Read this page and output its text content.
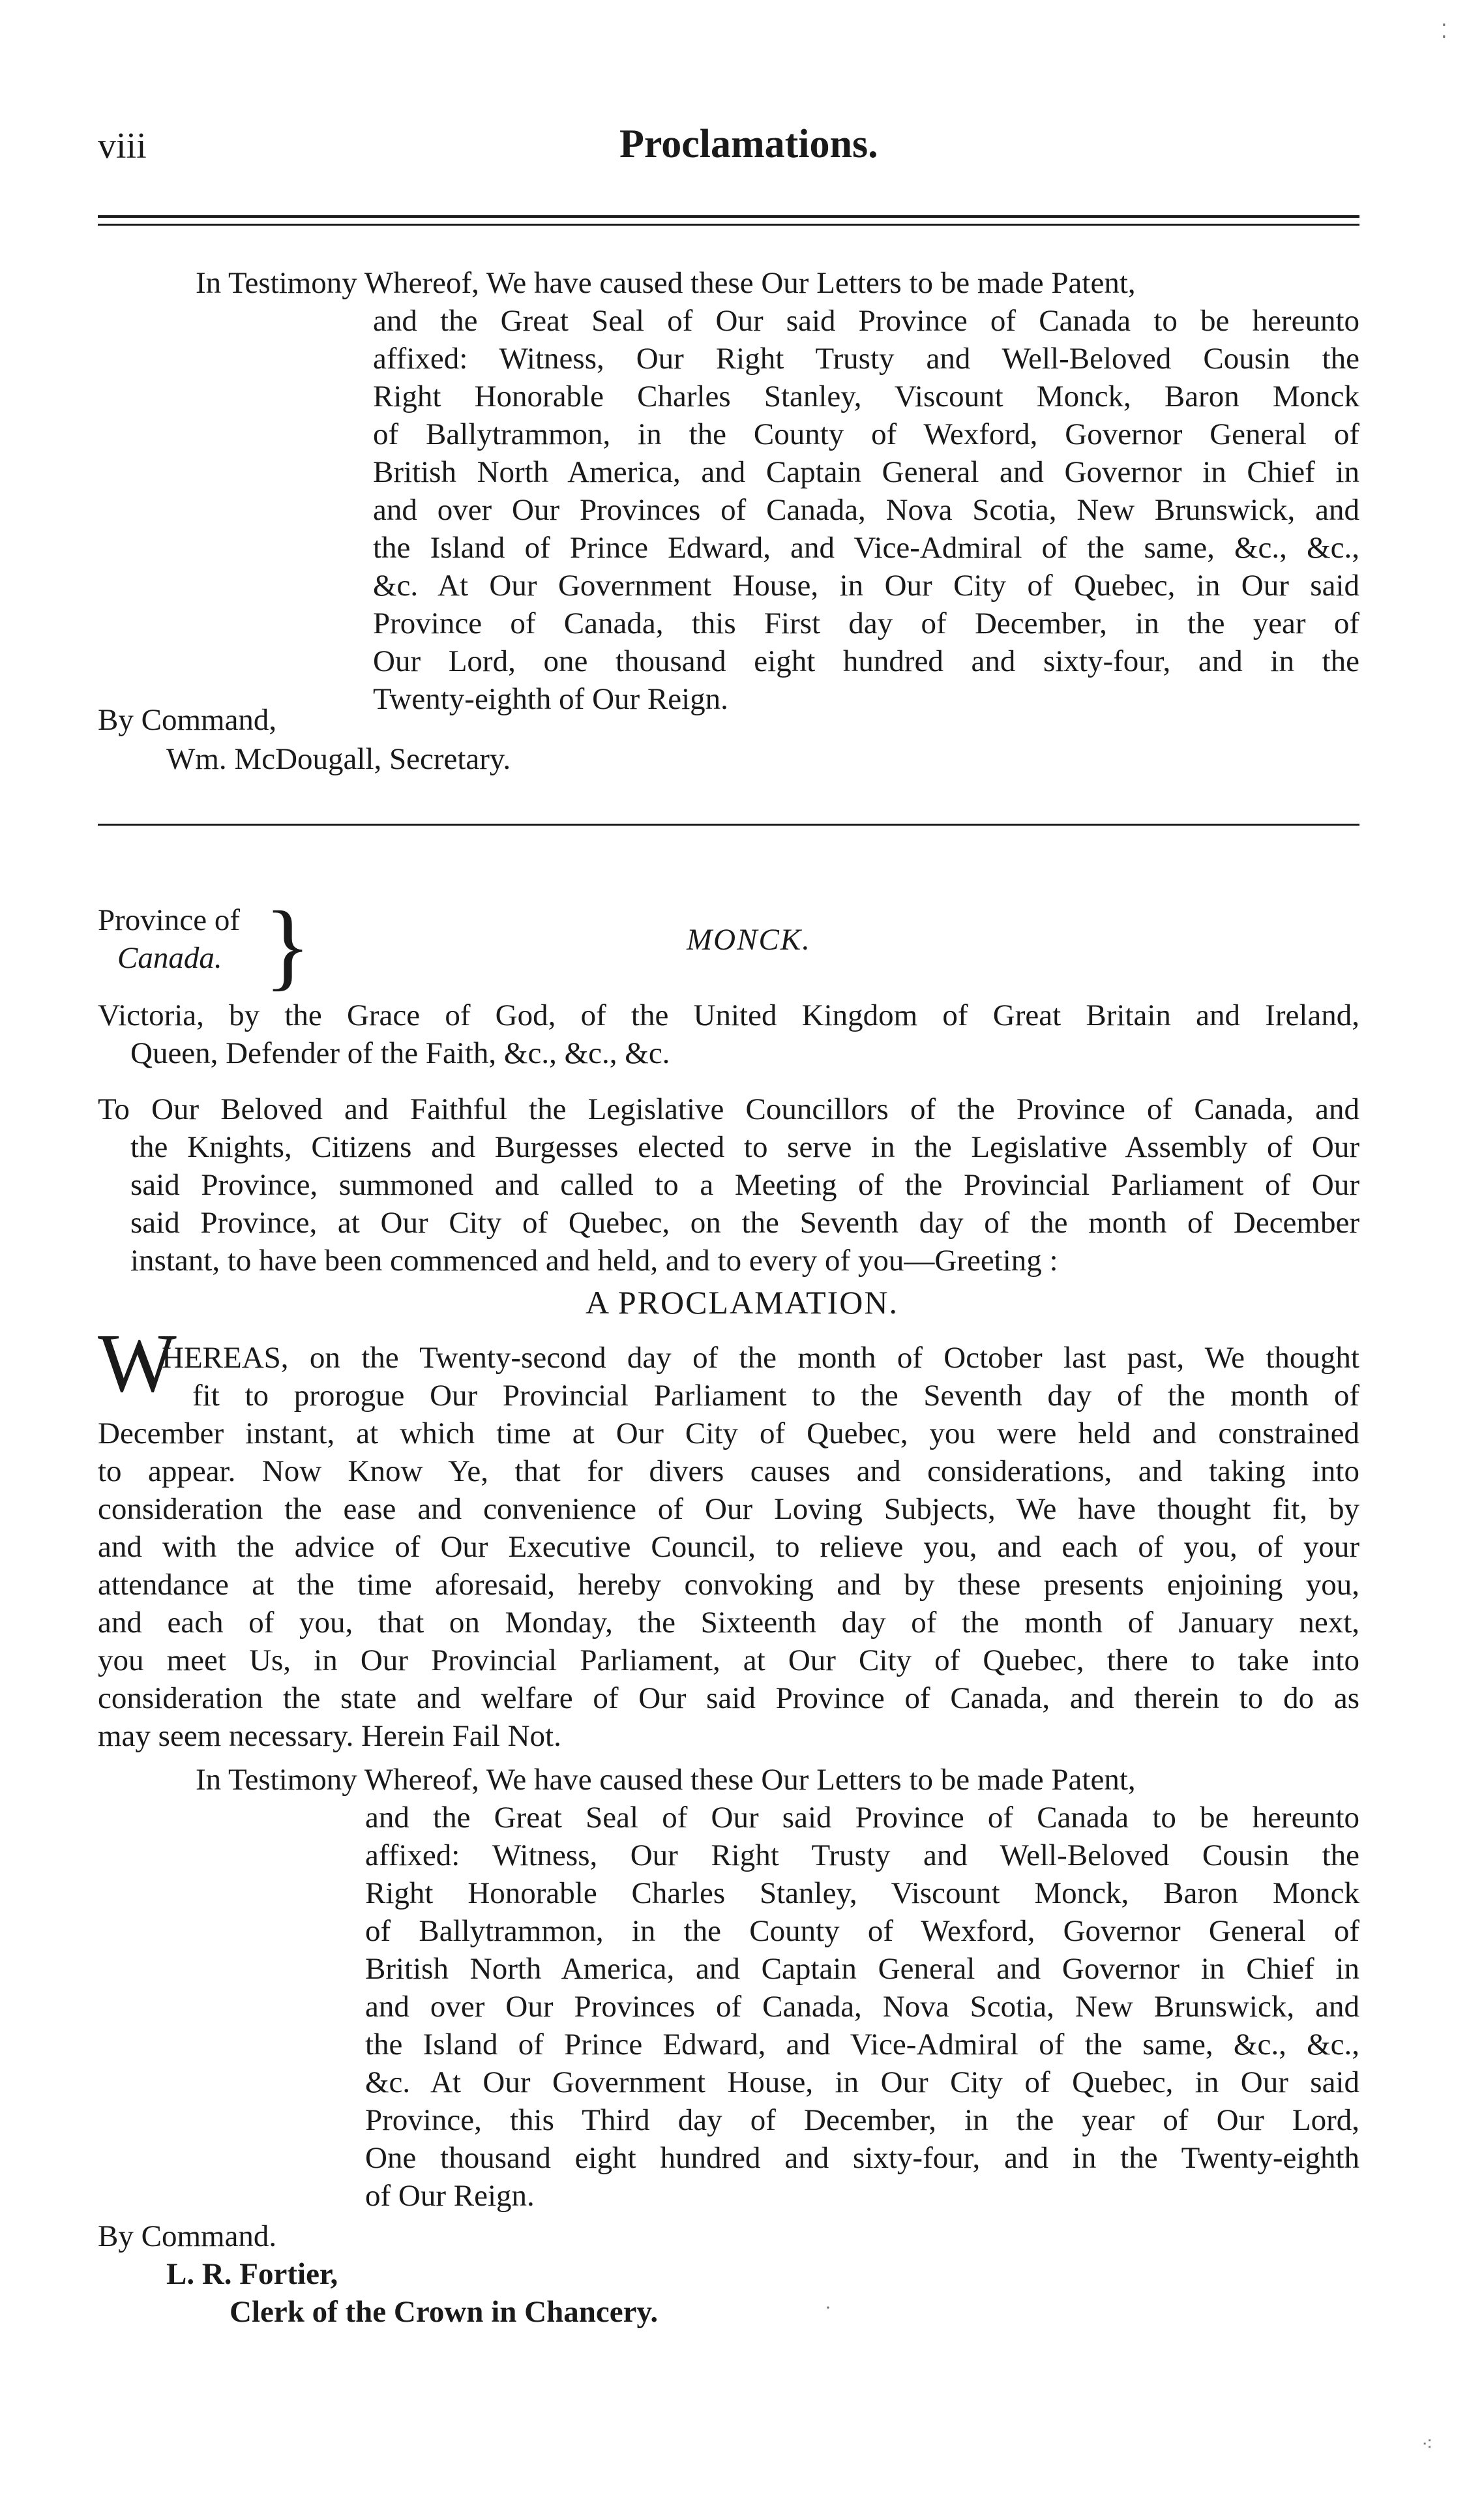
viii	Proclamations.
In Testimony Whereof, We have caused these Our Letters to be made Patent,
and the Great Seal of Our said Province of Canada to be hereunto
affixed: Witness, Our Right Trusty and Well-Beloved Cousin the
Right Honorable Charles Stanley, Viscount Monck, Baron Monck
of Ballytrammon, in the County of Wexford, Governor General of
British North America, and Captain General and Governor in Chief in
and over Our Provinces of Canada, Nova Scotia, New Brunswick, and
the Island of Prince Edward, and Vice-Admiral of the same, &c., &c.,
&c. At Our Government House, in Our City of Quebec, in Our said
Province of Canada, this First day of December, in the year of
Our Lord, one thousand eight hundred and sixty-four, and in the
Twenty-eighth of Our Reign.
By Command,
Wm. McDougall, Secretary.
Province of
Canada. }	MONCK.
Victoria, by the Grace of God, of the United Kingdom of Great Britain and Ireland,
Queen, Defender of the Faith, &c., &c., &c.
To Our Beloved and Faithful the Legislative Councillors of the Province of Canada, and
the Knights, Citizens and Burgesses elected to serve in the Legislative Assembly of Our
said Province, summoned and called to a Meeting of the Provincial Parliament of Our
said Province, at Our City of Quebec, on the Seventh day of the month of December
instant, to have been commenced and held, and to every of you—Greeting :
A PROCLAMATION.
W
HEREAS, on the Twenty-second day of the month of October last past, We thought
fit to prorogue Our Provincial Parliament to the Seventh day of the month of
December instant, at which time at Our City of Quebec, you were held and constrained
to appear. Now Know Ye, that for divers causes and considerations, and taking into
consideration the ease and convenience of Our Loving Subjects, We have thought fit, by
and with the advice of Our Executive Council, to relieve you, and each of you, of your
attendance at the time aforesaid, hereby convoking and by these presents enjoining you,
and each of you, that on Monday, the Sixteenth day of the month of January next,
you meet Us, in Our Provincial Parliament, at Our City of Quebec, there to take into
consideration the state and welfare of Our said Province of Canada, and therein to do as
may seem necessary. Herein Fail Not.
In Testimony Whereof, We have caused these Our Letters to be made Patent,
and the Great Seal of Our said Province of Canada to be hereunto
affixed: Witness, Our Right Trusty and Well-Beloved Cousin the
Right Honorable Charles Stanley, Viscount Monck, Baron Monck
of Ballytrammon, in the County of Wexford, Governor General of
British North America, and Captain General and Governor in Chief in
and over Our Provinces of Canada, Nova Scotia, New Brunswick, and
the Island of Prince Edward, and Vice-Admiral of the same, &c., &c.,
&c. At Our Government House, in Our City of Quebec, in Our said
Province, this Third day of December, in the year of Our Lord,
One thousand eight hundred and sixty-four, and in the Twenty-eighth
of Our Reign.
By Command.
L. R. Fortier,
Clerk of the Crown in Chancery.
⁚
⁖
·
